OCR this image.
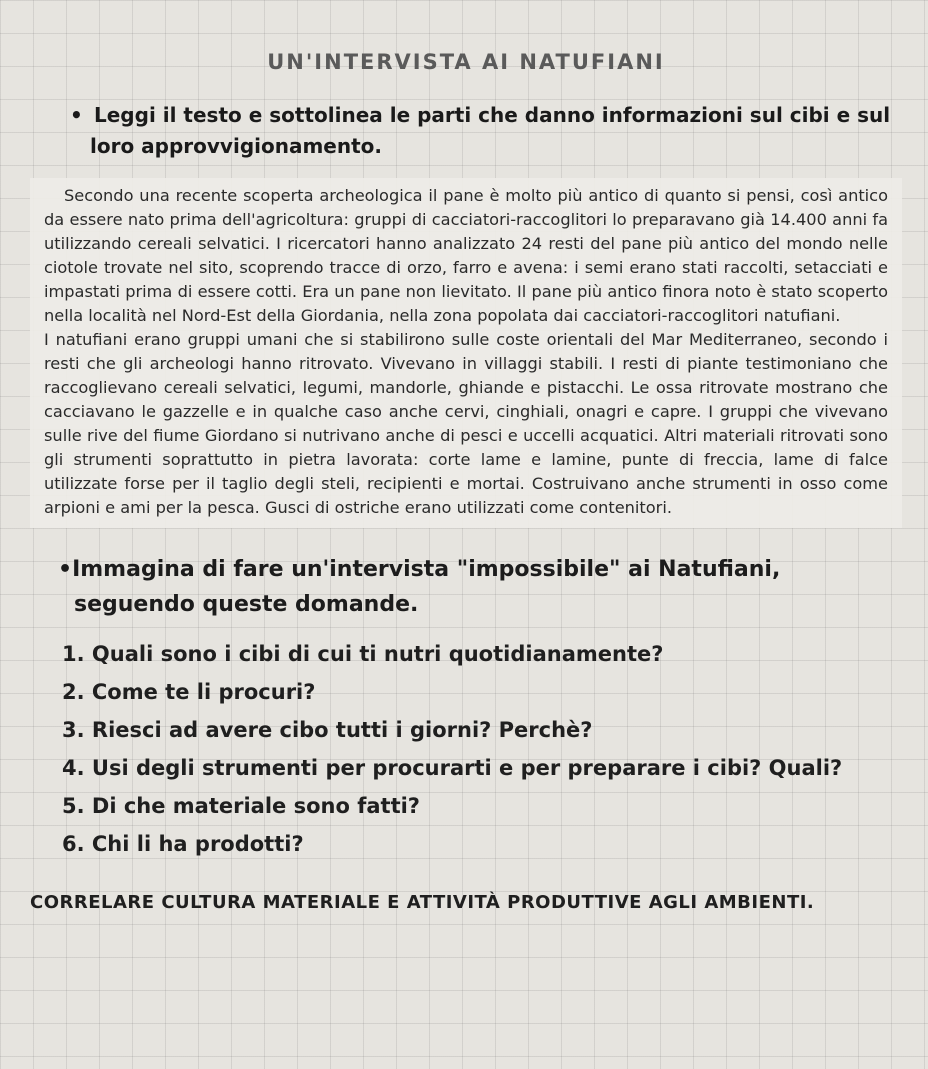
UN'INTERVISTA AI NATUFIANI
• Leggi il testo e sottolinea le parti che danno informazioni sul cibi e sul loro approvvigionamento.

Secondo una recente scoperta archeologica il pane è molto più antico di quanto si pensi, così antico da essere nato prima dell'agricoltura: gruppi di cacciatori-raccoglitori lo preparavano già 14.400 anni fa utilizzando cereali selvatici. I ricercatori hanno analizzato 24 resti del pane più antico del mondo nelle ciotole trovate nel sito, scoprendo tracce di orzo, farro e avena: i semi erano stati raccolti, setacciati e impastati prima di essere cotti. Era un pane non lievitato. Il pane più antico finora noto è stato scoperto nella località nel Nord-Est della Giordania, nella zona popolata dai cacciatori-raccoglitori natufiani.

I natufiani erano gruppi umani che si stabilirono sulle coste orientali del Mar Mediterraneo, secondo i resti che gli archeologi hanno ritrovato. Vivevano in villaggi stabili. I resti di piante testimoniano che raccoglievano cereali selvatici, legumi, mandorle, ghiande e pistacchi. Le ossa ritrovate mostrano che cacciavano le gazzelle e in qualche caso anche cervi, cinghiali, onagri e capre. I gruppi che vivevano sulle rive del fiume Giordano si nutrivano anche di pesci e uccelli acquatici. Altri materiali ritrovati sono gli strumenti soprattutto in pietra lavorata: corte lame e lamine, punte di freccia, lame di falce utilizzate forse per il taglio degli steli, recipienti e mortai. Costruivano anche strumenti in osso come arpioni e ami per la pesca. Gusci di ostriche erano utilizzati come contenitori.

•Immagina di fare un'intervista "impossibile" ai Natufiani, seguendo queste domande.
1. Quali sono i cibi di cui ti nutri quotidianamente?
2. Come te li procuri?
3. Riesci ad avere cibo tutti i giorni? Perchè?
4. Usi degli strumenti per procurarti e per preparare i cibi? Quali?
5. Di che materiale sono fatti?
6. Chi li ha prodotti?
CORRELARE CULTURA MATERIALE E ATTIVITÀ PRODUTTIVE AGLI AMBIENTI.
